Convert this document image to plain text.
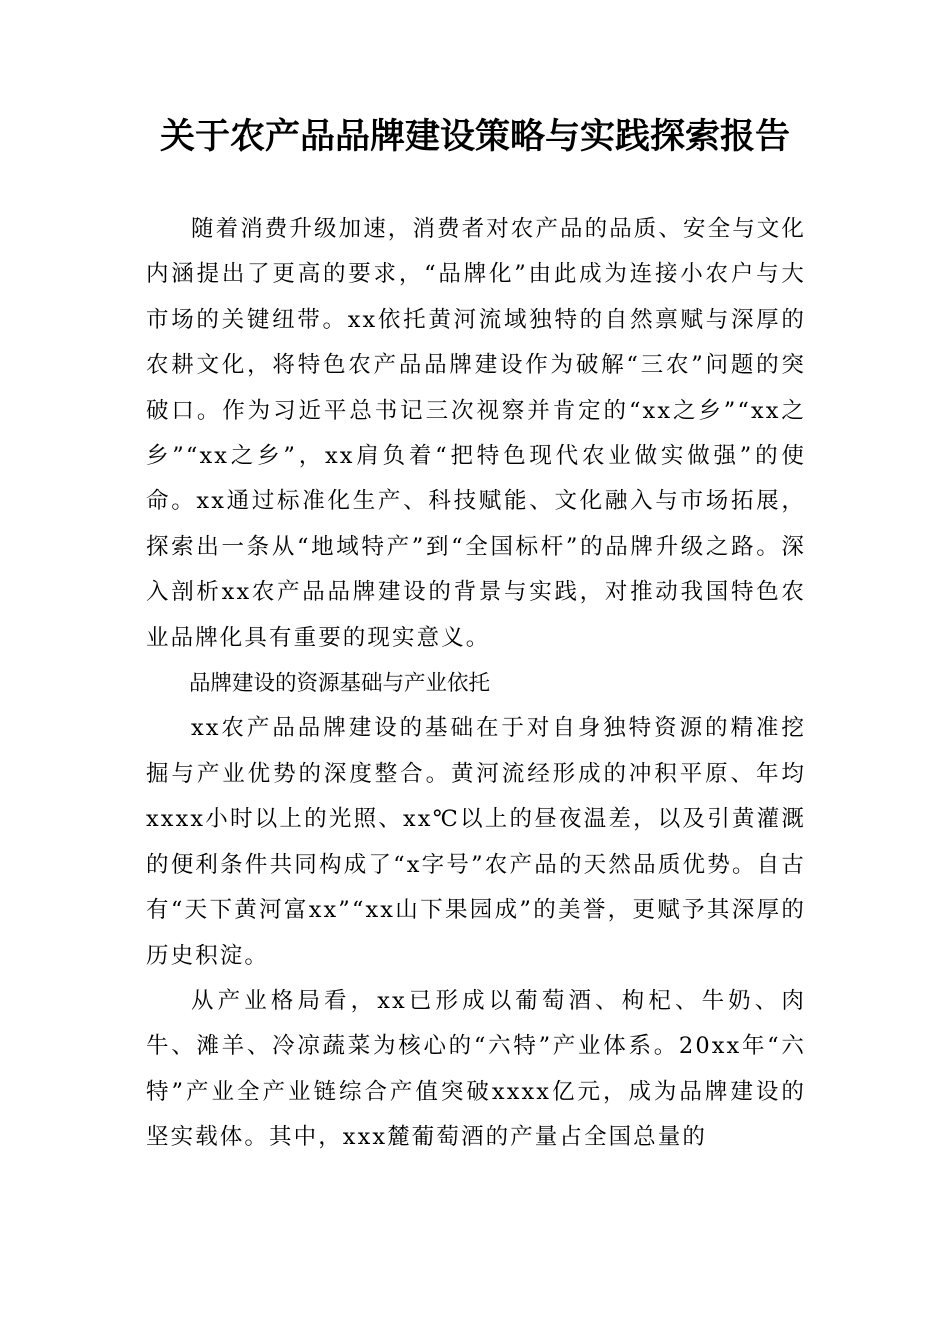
关于农产品品牌建设策略与实践探索报告

随着消费升级加速，消费者对农产品的品质、安全与文化内涵提出了更高的要求，“品牌化”由此成为连接小农户与大市场的关键纽带。xx依托黄河流域独特的自然禀赋与深厚的农耕文化，将特色农产品品牌建设作为破解“三农”问题的突破口。作为习近平总书记三次视察并肯定的“xx之乡”“xx之乡”“xx之乡”，xx肩负着“把特色现代农业做实做强”的使命。xx通过标准化生产、科技赋能、文化融入与市场拓展，探索出一条从“地域特产”到“全国标杆”的品牌升级之路。深入剖析xx农产品品牌建设的背景与实践，对推动我国特色农业品牌化具有重要的现实意义。

品牌建设的资源基础与产业依托

xx农产品品牌建设的基础在于对自身独特资源的精准挖掘与产业优势的深度整合。黄河流经形成的冲积平原、年均xxxx小时以上的光照、xx℃以上的昼夜温差，以及引黄灌溉的便利条件共同构成了“x字号”农产品的天然品质优势。自古有“天下黄河富xx”“xx山下果园成”的美誉，更赋予其深厚的历史积淀。

从产业格局看，xx已形成以葡萄酒、枸杞、牛奶、肉牛、滩羊、冷凉蔬菜为核心的“六特”产业体系。20xx年“六特”产业全产业链综合产值突破xxxx亿元，成为品牌建设的坚实载体。其中，xxx麓葡萄酒的产量占全国总量的
